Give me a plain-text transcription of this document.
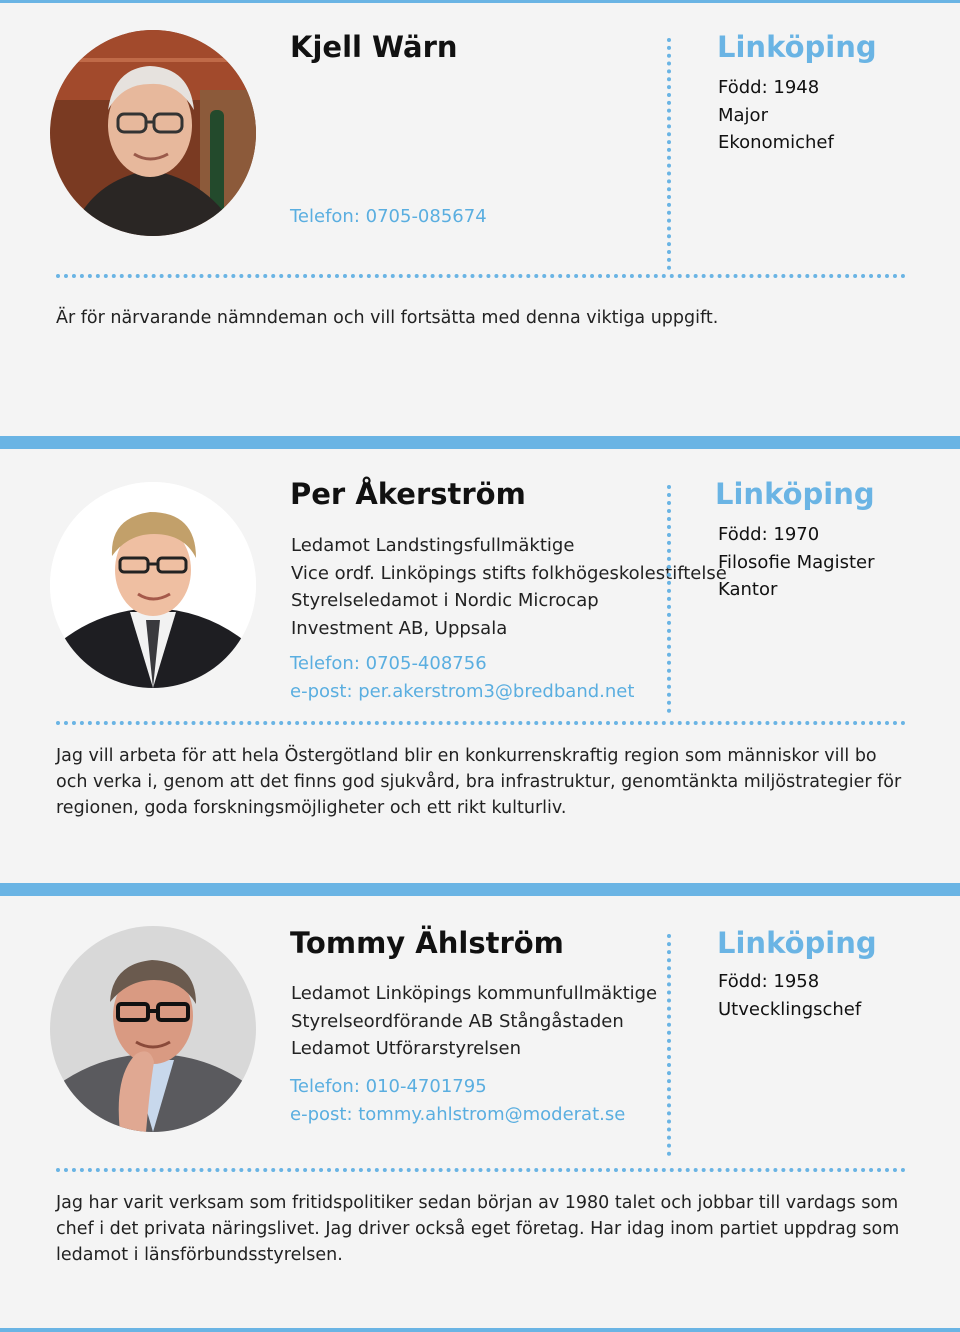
Kjell Wärn
Telefon: 0705-085674
Linköping
Född: 1948
Major
Ekonomichef

Är för närvarande nämndeman och vill fortsätta med denna viktiga uppgift.

Per Åkerström
Ledamot Landstingsfullmäktige
Vice ordf. Linköpings stifts folkhögeskolestiftelse
Styrelseledamot i Nordic Microcap
Investment AB, Uppsala
Telefon: 0705-408756
e-post: per.akerstrom3@bredband.net
Linköping
Född: 1970
Filosofie Magister
Kantor

Jag vill arbeta för att hela Östergötland blir en konkurrenskraftig region som människor vill bo och verka i, genom att det finns god sjukvård, bra infrastruktur, genomtänkta miljöstrategier för regionen, goda forskningsmöjligheter och ett rikt kulturliv.

Tommy Ählström
Ledamot Linköpings kommunfullmäktige
Styrelseordförande AB Stångåstaden
Ledamot Utförarstyrelsen
Telefon: 010-4701795
e-post: tommy.ahlstrom@moderat.se
Linköping
Född: 1958
Utvecklingschef

Jag har varit verksam som fritidspolitiker sedan början av 1980 talet och jobbar till vardags som chef i det privata näringslivet. Jag driver också eget företag. Har idag inom partiet uppdrag som ledamot i länsförbundsstyrelsen.
